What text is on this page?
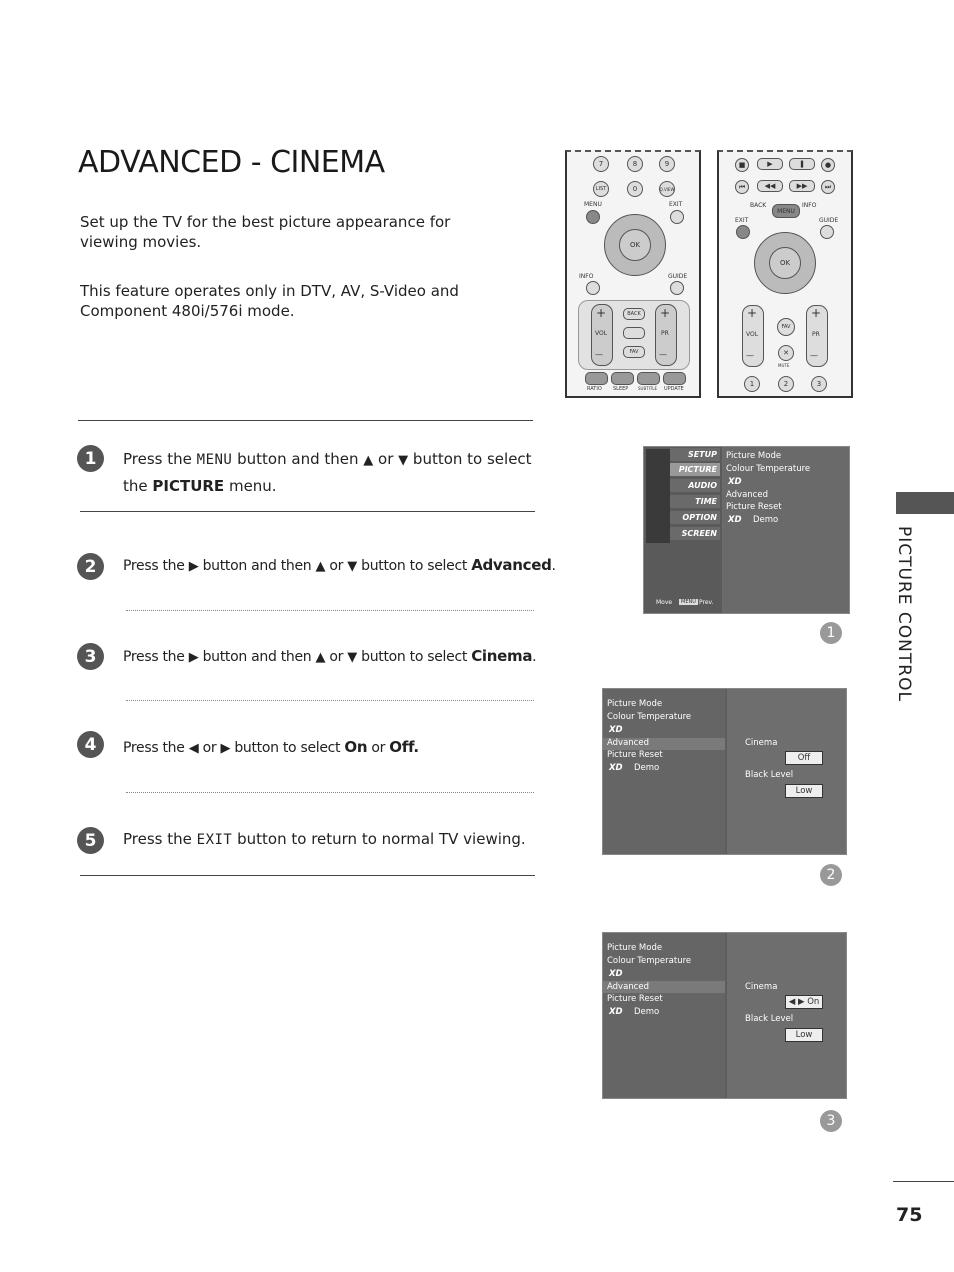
ADVANCED - CINEMA
Set up the TV for the best picture appearance for viewing movies.
This feature operates only in DTV, AV, S-Video and Component 480i/576i mode.
7	8	9
LIST	0	Q.VIEW
MENU	EXIT
OK
INFO	GUIDE
+
VOL
—
+
PR
—
BACK
FAV
RATIO SLEEP SUBTITLE UPDATE
■	▶	❚	●
⏮	◀◀	▶▶	⏭
BACK	INFO
MENU
EXIT	GUIDE
OK
+
VOL
—
+
PR
—
FAV
✕
MUTE
1	2	3
1	Press the MENU button and then ▲ or ▼ button to select
the PICTURE menu.
2	Press the ▶ button and then ▲ or ▼ button to select Advanced.
3	Press the ▶ button and then ▲ or ▼ button to select Cinema.
4	Press the ◀ or ▶ button to select On or Off.
5	Press the EXIT button to return to normal TV viewing.
SETUP
PICTURE
AUDIO
TIME
OPTION
SCREEN
Move	MENU Prev.
Picture Mode
Colour Temperature
XD
Advanced
Picture Reset
XD Demo
1
Picture Mode
Colour Temperature
XD
Advanced
Picture Reset
XD Demo
Cinema
Off
Black Level
Low
2
Picture Mode
Colour Temperature
XD
Advanced
Picture Reset
XD Demo
Cinema
◀ ▶ On
Black Level
Low
3
PICTURE CONTROL
75
